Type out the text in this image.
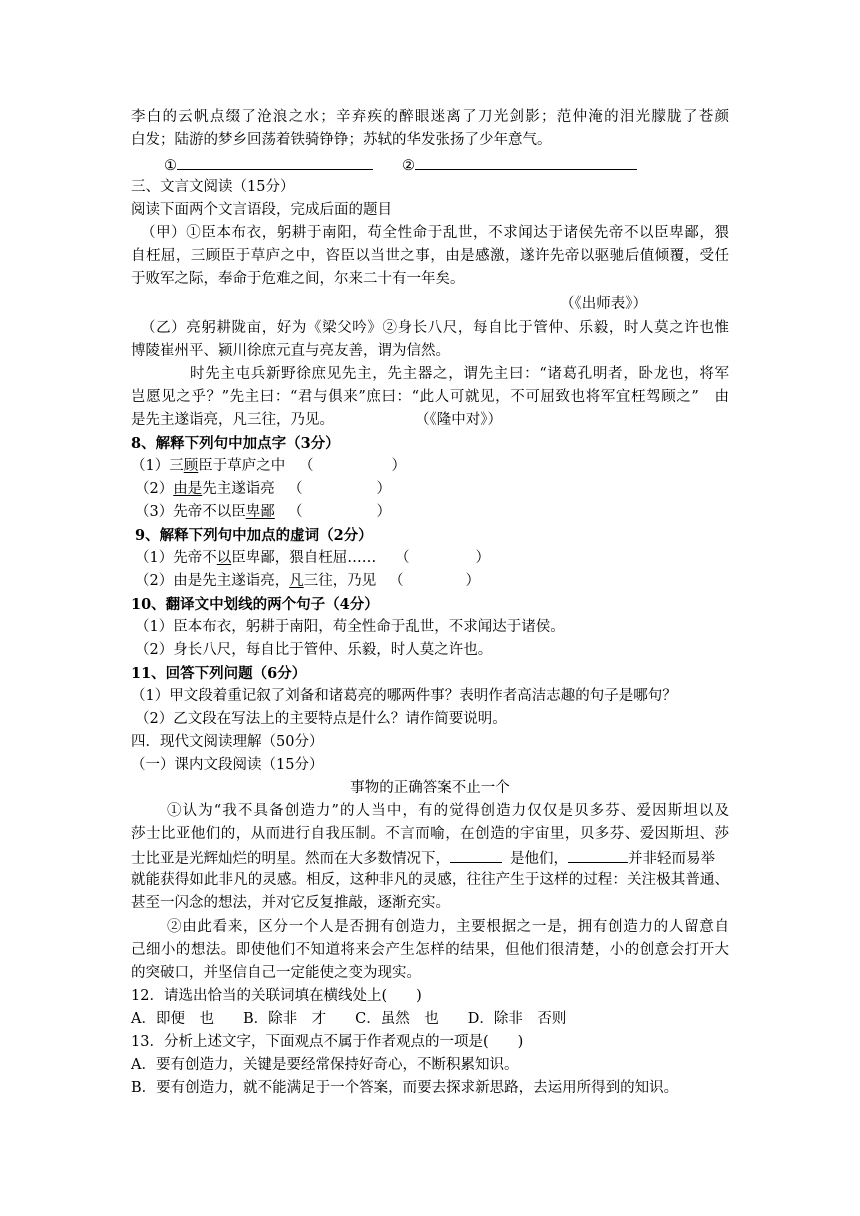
李白的云帆点缀了沧浪之水；辛弃疾的醉眼迷离了刀光剑影；范仲淹的泪光朦胧了苍颜
白发；陆游的梦乡回荡着铁骑铮铮；苏轼的华发张扬了少年意气。
①	②
三、文言文阅读（15分）
阅读下面两个文言语段，完成后面的题目
（甲）①臣本布衣，躬耕于南阳，苟全性命于乱世，不求闻达于诸侯先帝不以臣卑鄙，猥
自枉屈，三顾臣于草庐之中，咨臣以当世之事，由是感激，遂许先帝以驱驰后值倾覆，受任
于败军之际，奉命于危难之间，尔来二十有一年矣。
（《出师表》）
（乙）亮躬耕陇亩，好为《梁父吟》②身长八尺，每自比于管仲、乐毅，时人莫之许也惟
博陵崔州平、颍川徐庶元直与亮友善，谓为信然。
时先主屯兵新野徐庶见先主，先主器之，谓先主曰：“诸葛孔明者，卧龙也，将军
岂愿见之乎？”先主曰：“君与俱来”庶曰：“此人可就见，不可屈致也将军宜枉驾顾之”　由
是先主遂诣亮，凡三往，乃见。	（《隆中对》）
8、解释下列句中加点字（3分）
（1）三顾臣于草庐之中 （	）
（2）由是先主遂诣亮 （	）
（3）先帝不以臣卑鄙 （	）
9、解释下列句中加点的虚词（2分）
（1）先帝不以臣卑鄙，猥自枉屈…… （	）
（2）由是先主遂诣亮，凡三往，乃见 （	）
10、翻译文中划线的两个句子（4分）
（1）臣本布衣，躬耕于南阳，苟全性命于乱世，不求闻达于诸侯。
（2）身长八尺，每自比于管仲、乐毅，时人莫之许也。
11、回答下列问题（6分）
（1）甲文段着重记叙了刘备和诸葛亮的哪两件事？表明作者高洁志趣的句子是哪句？
（2）乙文段在写法上的主要特点是什么？请作简要说明。
四．现代文阅读理解（50分）
（一）课内文段阅读（15分）
事物的正确答案不止一个
①认为“我不具备创造力”的人当中，有的觉得创造力仅仅是贝多芬、爱因斯坦以及
莎士比亚他们的，从而进行自我压制。不言而喻，在创造的宇宙里，贝多芬、爱因斯坦、莎
士比亚是光辉灿烂的明星。然而在大多数情况下，	是他们，	并非轻而易举
就能获得如此非凡的灵感。相反，这种非凡的灵感，往往产生于这样的过程：关注极其普通、
甚至一闪念的想法，并对它反复推敲，逐渐充实。
②由此看来，区分一个人是否拥有创造力，主要根据之一是，拥有创造力的人留意自
己细小的想法。即使他们不知道将来会产生怎样的结果，但他们很清楚，小的创意会打开大
的突破口，并坚信自己一定能使之变为现实。
12．请选出恰当的关联词填在横线处上(　　)
A．即便　也　　B．除非　才　　C．虽然　也　　D．除非　否则
13．分析上述文字，下面观点不属于作者观点的一项是(　　)
A．要有创造力，关键是要经常保持好奇心，不断积累知识。
B．要有创造力，就不能满足于一个答案，而要去探求新思路，去运用所得到的知识。
